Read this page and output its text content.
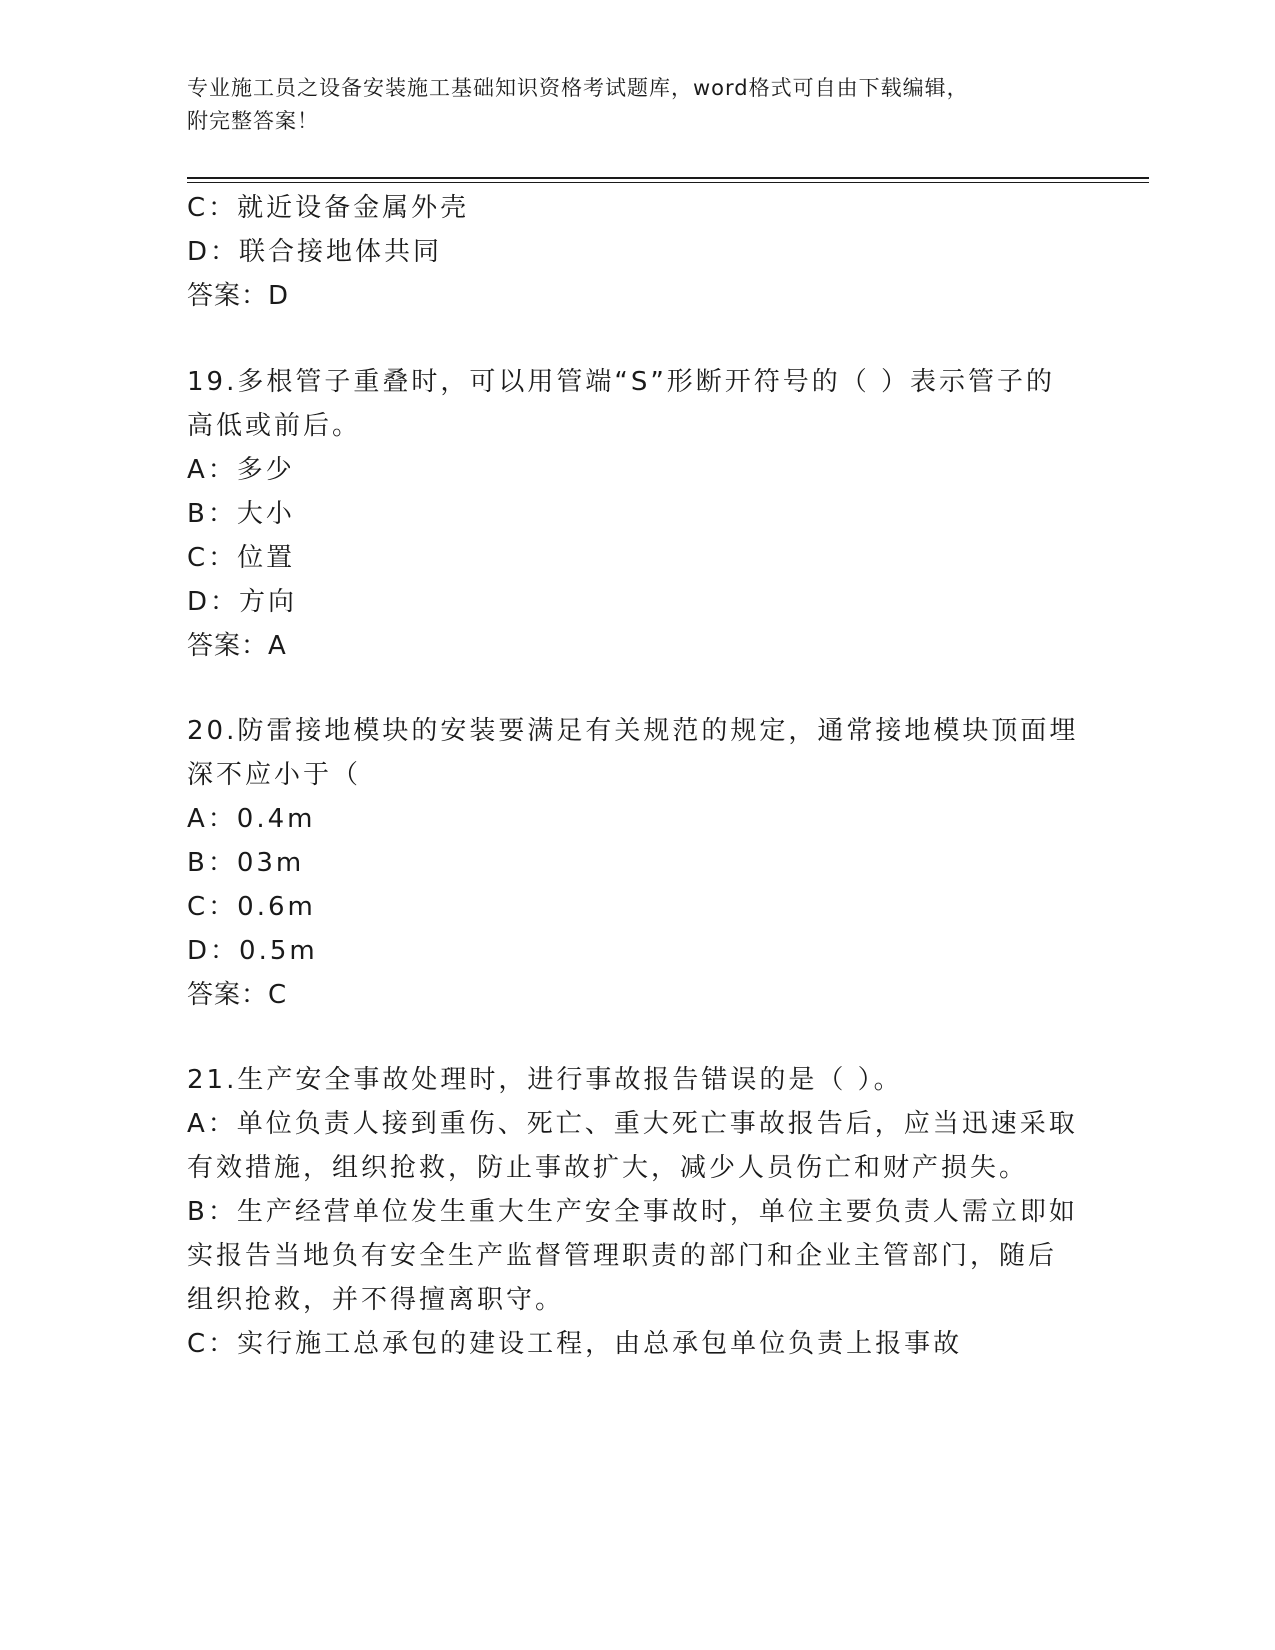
专业施工员之设备安装施工基础知识资格考试题库，word格式可自由下载编辑，
附完整答案！
C：就近设备金属外壳
D：联合接地体共同
答案：D
19.多根管子重叠时，可以用管端“S”形断开符号的（ ）表示管子的
高低或前后。
A：多少
B：大小
C：位置
D：方向
答案：A
20.防雷接地模块的安装要满足有关规范的规定，通常接地模块顶面埋
深不应小于（
A：0.4m
B：03m
C：0.6m
D：0.5m
答案：C
21.生产安全事故处理时，进行事故报告错误的是（ ）。
A：单位负责人接到重伤、死亡、重大死亡事故报告后，应当迅速采取
有效措施，组织抢救，防止事故扩大，减少人员伤亡和财产损失。
B：生产经营单位发生重大生产安全事故时，单位主要负责人需立即如
实报告当地负有安全生产监督管理职责的部门和企业主管部门，随后
组织抢救，并不得擅离职守。
C：实行施工总承包的建设工程，由总承包单位负责上报事故
